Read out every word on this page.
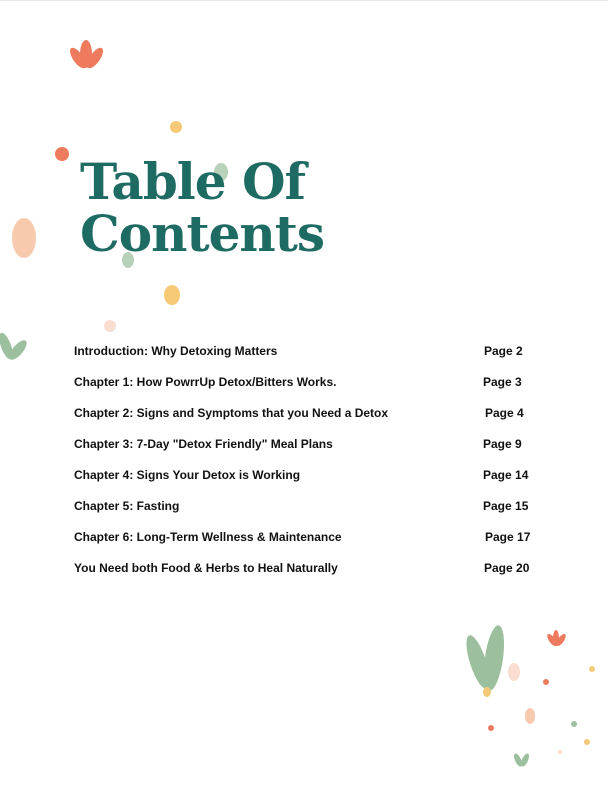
Table Of
Contents
Introduction: Why Detoxing Matters	Page 2
Chapter 1: How PowrrUp Detox/Bitters Works.	Page 3
Chapter 2: Signs and Symptoms that you Need a Detox	Page 4
Chapter 3: 7-Day "Detox Friendly" Meal Plans	Page 9
Chapter 4: Signs Your Detox is Working	Page 14
Chapter 5: Fasting	Page 15
Chapter 6: Long-Term Wellness & Maintenance	Page 17
You Need both Food & Herbs to Heal Naturally	Page 20
